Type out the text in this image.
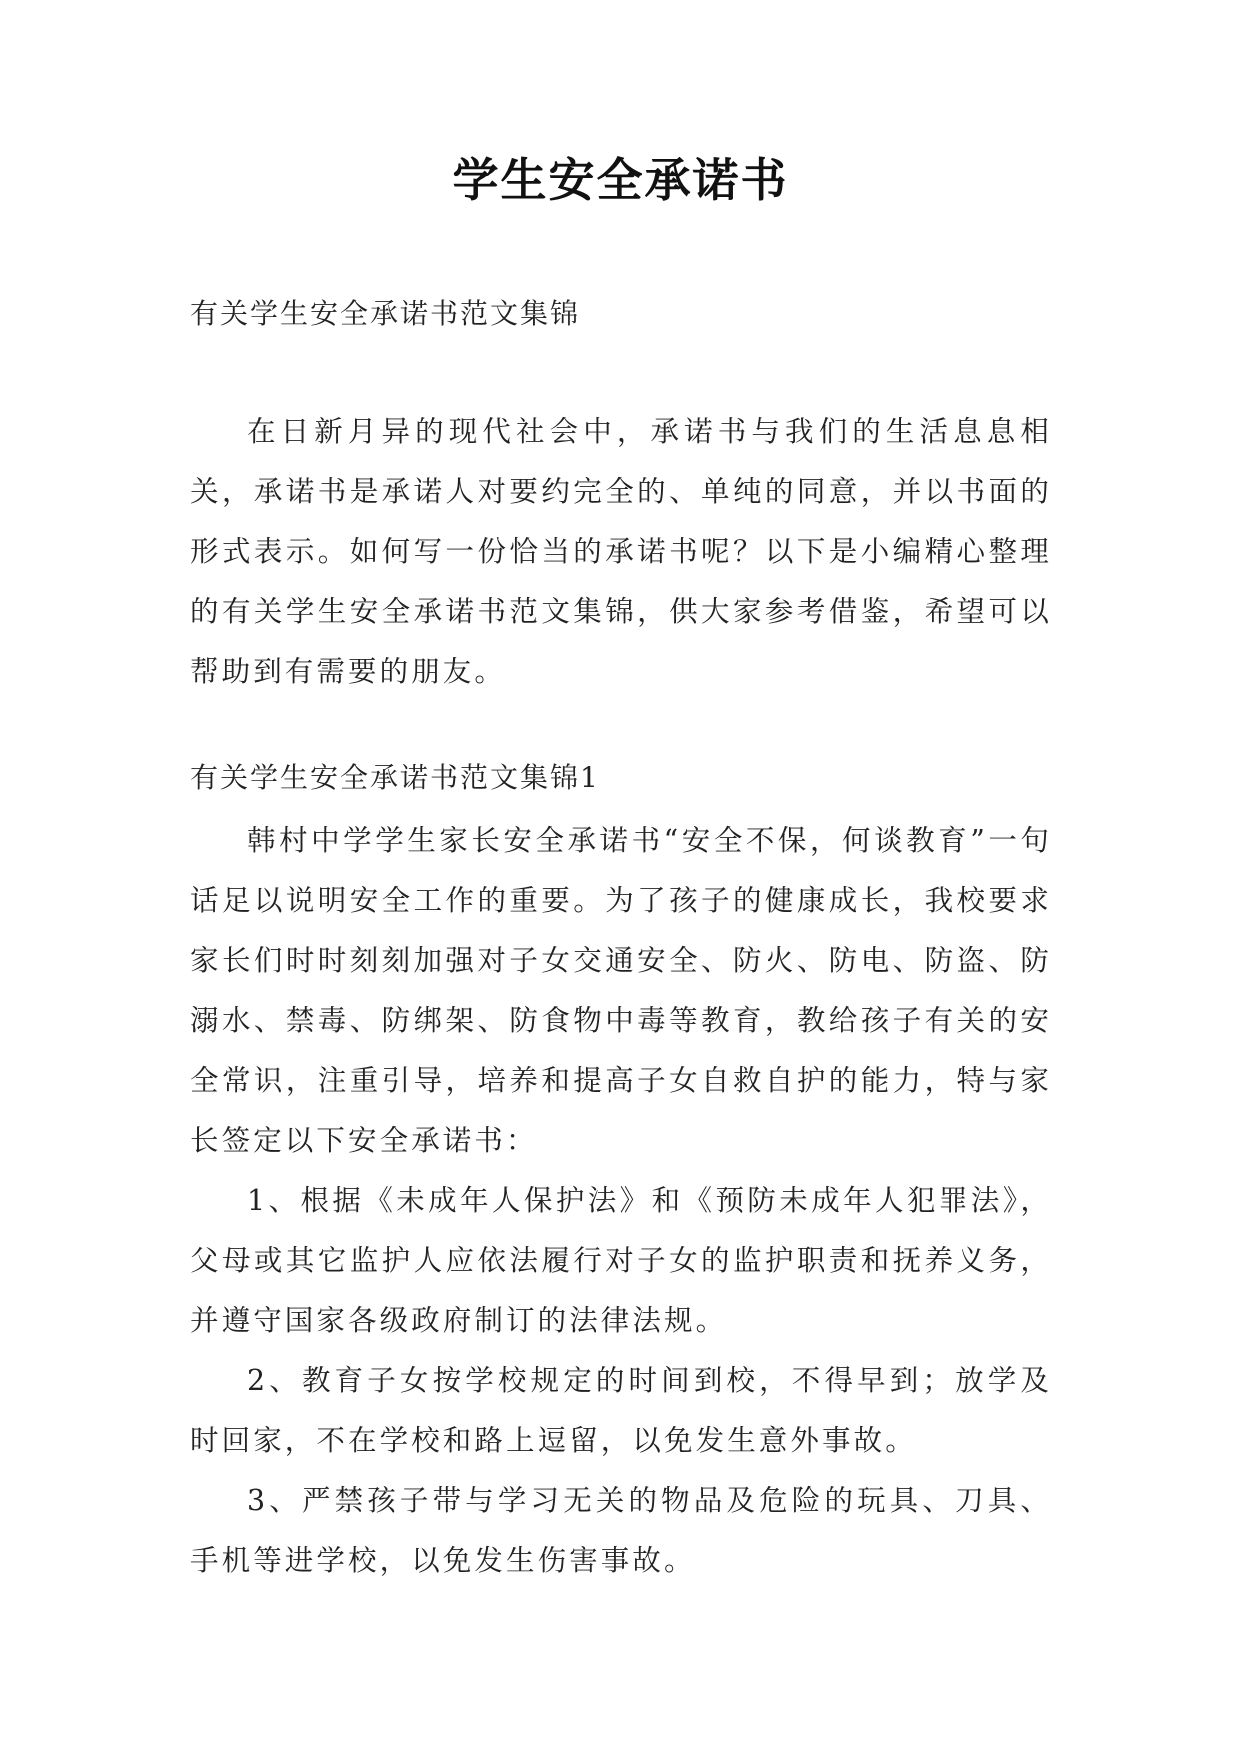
学生安全承诺书
有关学生安全承诺书范文集锦

在日新月异的现代社会中，承诺书与我们的生活息息相关，承诺书是承诺人对要约完全的、单纯的同意，并以书面的形式表示。如何写一份恰当的承诺书呢？以下是小编精心整理的有关学生安全承诺书范文集锦，供大家参考借鉴，希望可以帮助到有需要的朋友。

有关学生安全承诺书范文集锦1

韩村中学学生家长安全承诺书“安全不保，何谈教育”一句话足以说明安全工作的重要。为了孩子的健康成长，我校要求家长们时时刻刻加强对子女交通安全、防火、防电、防盗、防溺水、禁毒、防绑架、防食物中毒等教育，教给孩子有关的安全常识，注重引导，培养和提高子女自救自护的能力，特与家长签定以下安全承诺书：

1、根据《未成年人保护法》和《预防未成年人犯罪法》，父母或其它监护人应依法履行对子女的监护职责和抚养义务，并遵守国家各级政府制订的法律法规。

2、教育子女按学校规定的时间到校，不得早到；放学及时回家，不在学校和路上逗留，以免发生意外事故。

3、严禁孩子带与学习无关的物品及危险的玩具、刀具、手机等进学校，以免发生伤害事故。
